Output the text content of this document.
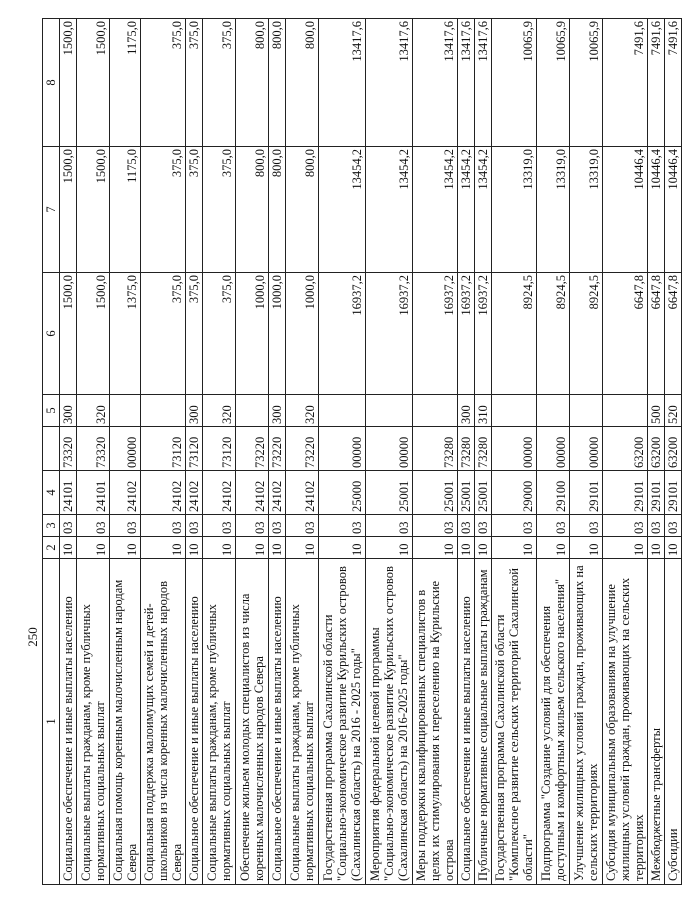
250
1	2	3	4		5	6	7	8
Социальное обеспечение и иные выплаты населению	10	03	24101	73320	300	1500,0	1500,0	1500,0
Социальные выплаты гражданам, кроме публичных нормативных социальных выплат	10	03	24101	73320	320	1500,0	1500,0	1500,0
Социальная помощь коренным малочисленным народам Севера	10	03	24102	00000		1375,0	1175,0	1175,0
Социальная поддержка малоимущих семей и детей-школьников из числа коренных малочисленных народов Севера	10	03	24102	73120		375,0	375,0	375,0
Социальное обеспечение и иные выплаты населению	10	03	24102	73120	300	375,0	375,0	375,0
Социальные выплаты гражданам, кроме публичных нормативных социальных выплат	10	03	24102	73120	320	375,0	375,0	375,0
Обеспечение жильем молодых специалистов из числа коренных малочисленных народов Севера	10	03	24102	73220		1000,0	800,0	800,0
Социальное обеспечение и иные выплаты населению	10	03	24102	73220	300	1000,0	800,0	800,0
Социальные выплаты гражданам, кроме публичных нормативных социальных выплат	10	03	24102	73220	320	1000,0	800,0	800,0
Государственная программа Сахалинской области "Социально-экономическое развитие Курильских островов (Сахалинская область) на 2016 - 2025 годы"	10	03	25000	00000		16937,2	13454,2	13417,6
Мероприятия федеральной целевой программы "Социально-экономическое развитие Курильских островов (Сахалинская область) на 2016-2025 годы"	10	03	25001	00000		16937,2	13454,2	13417,6
Меры поддержки квалифицированных специалистов в целях их стимулирования к переселению на Курильские острова	10	03	25001	73280		16937,2	13454,2	13417,6
Социальное обеспечение и иные выплаты населению	10	03	25001	73280	300	16937,2	13454,2	13417,6
Публичные нормативные социальные выплаты гражданам	10	03	25001	73280	310	16937,2	13454,2	13417,6
Государственная программа Сахалинской области "Комплексное развитие сельских территорий Сахалинской области"	10	03	29000	00000		8924,5	13319,0	10065,9
Подпрограмма "Создание условий для обеспечения доступным и комфортным жильем сельского населения"	10	03	29100	00000		8924,5	13319,0	10065,9
Улучшение жилищных условий граждан, проживающих на сельских территориях	10	03	29101	00000		8924,5	13319,0	10065,9
Субсидия муниципальным образованиям на улучшение жилищных условий граждан, проживающих на сельских территориях	10	03	29101	63200		6647,8	10446,4	7491,6
Межбюджетные трансферты	10	03	29101	63200	500	6647,8	10446,4	7491,6
Субсидии	10	03	29101	63200	520	6647,8	10446,4	7491,6
